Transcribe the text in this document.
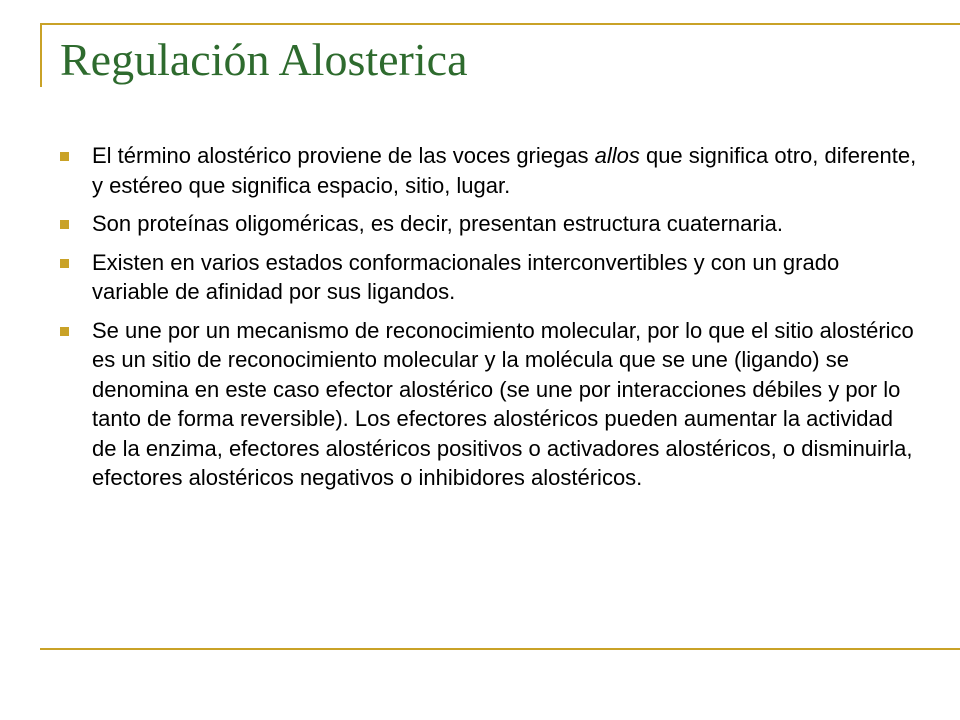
Regulación Alosterica
El término alostérico proviene de las voces griegas allos que significa otro, diferente, y estéreo que significa espacio, sitio, lugar.
Son proteínas oligoméricas, es decir, presentan estructura cuaternaria.
Existen en varios estados conformacionales interconvertibles y con un grado variable de afinidad por sus ligandos.
Se une por un mecanismo de reconocimiento molecular, por lo que el sitio alostérico es un sitio de reconocimiento molecular y la molécula que se une (ligando) se denomina en este caso efector alostérico (se une por interacciones débiles y por lo tanto de forma reversible). Los efectores alostéricos pueden aumentar la actividad de la enzima, efectores alostéricos positivos o activadores alostéricos, o disminuirla, efectores alostéricos negativos o inhibidores alostéricos.
